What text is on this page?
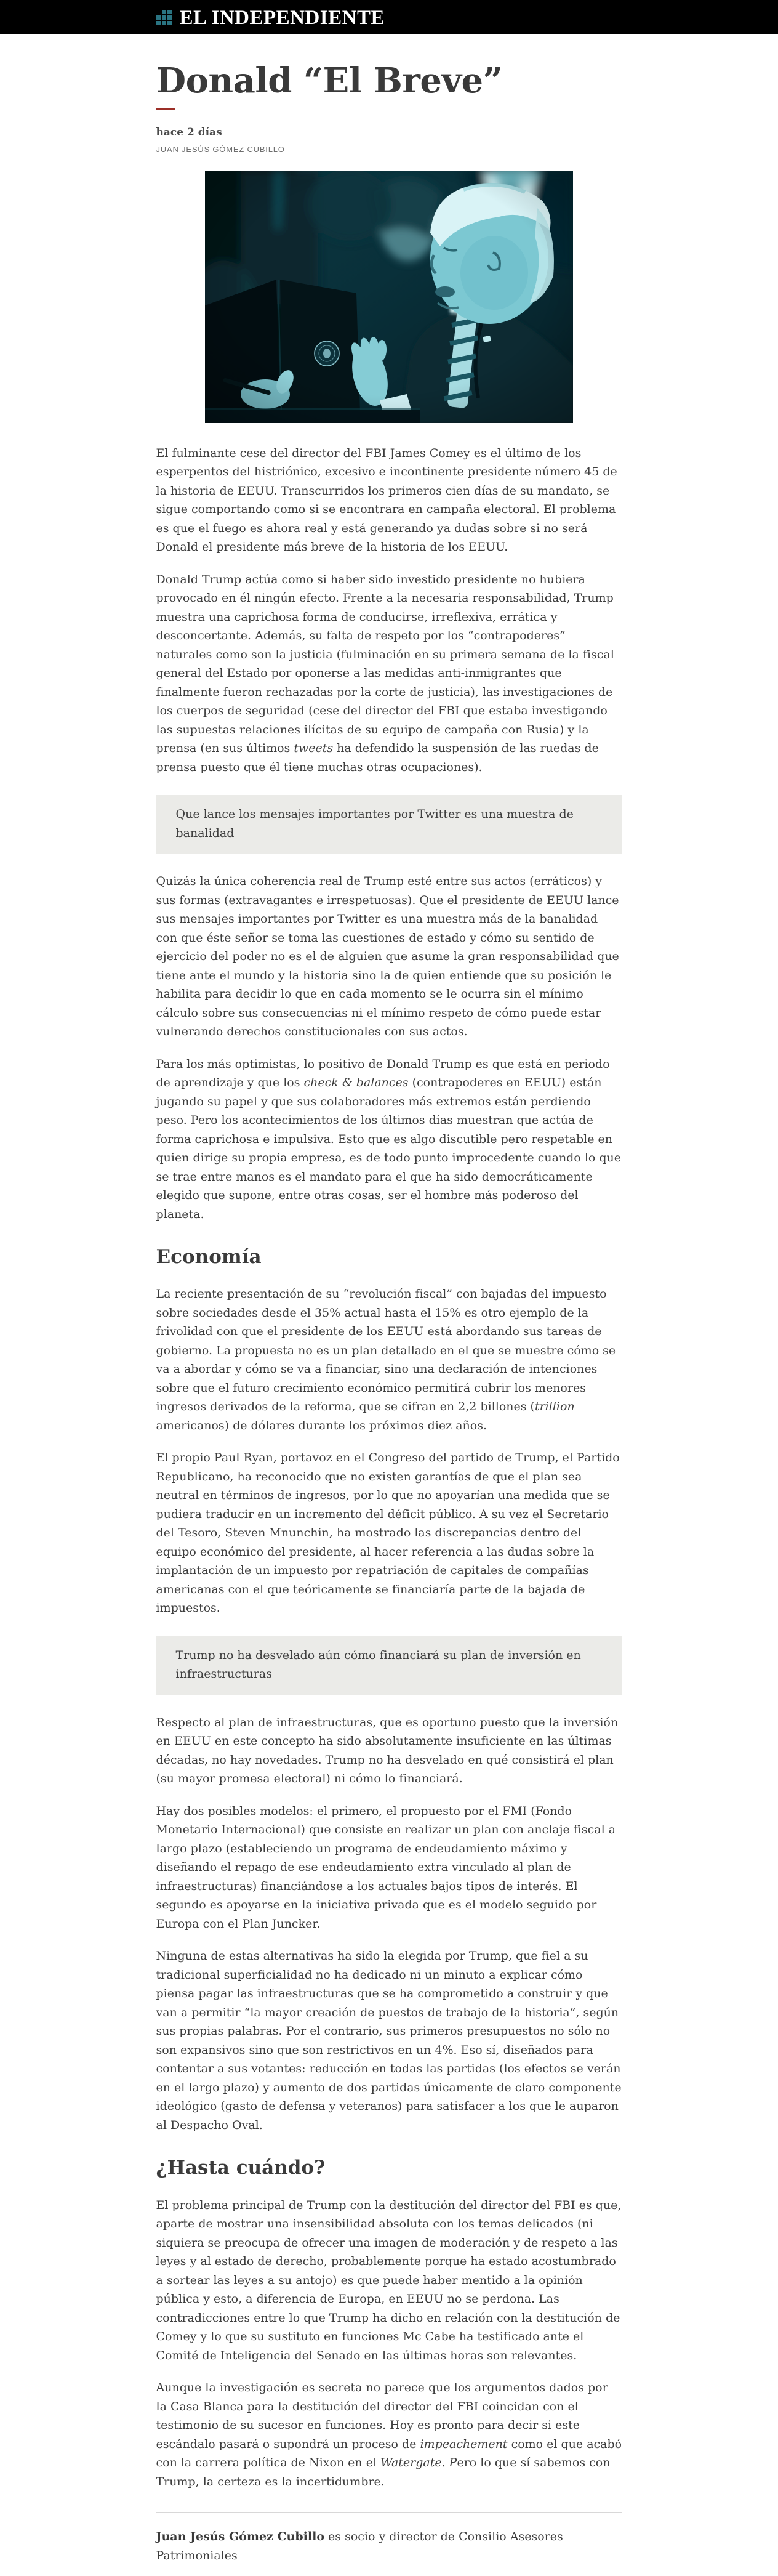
EL INDEPENDIENTE
Donald “El Breve”
hace 2 días
JUAN JESÚS GÓMEZ CUBILLO

El fulminante cese del director del FBI James Comey es el último de los esperpentos del histriónico, excesivo e incontinente presidente número 45 de la historia de EEUU. Transcurridos los primeros cien días de su mandato, se sigue comportando como si se encontrara en campaña electoral. El problema es que el fuego es ahora real y está generando ya dudas sobre si no será Donald el presidente más breve de la historia de los EEUU.

Donald Trump actúa como si haber sido investido presidente no hubiera provocado en él ningún efecto. Frente a la necesaria responsabilidad, Trump muestra una caprichosa forma de conducirse, irreflexiva, errática y desconcertante. Además, su falta de respeto por los “contrapoderes” naturales como son la justicia (fulminación en su primera semana de la fiscal general del Estado por oponerse a las medidas anti-inmigrantes que finalmente fueron rechazadas por la corte de justicia), las investigaciones de los cuerpos de seguridad (cese del director del FBI que estaba investigando las supuestas relaciones ilícitas de su equipo de campaña con Rusia) y la prensa (en sus últimos tweets ha defendido la suspensión de las ruedas de prensa puesto que él tiene muchas otras ocupaciones).

Que lance los mensajes importantes por Twitter es una muestra de banalidad

Quizás la única coherencia real de Trump esté entre sus actos (erráticos) y sus formas (extravagantes e irrespetuosas). Que el presidente de EEUU lance sus mensajes importantes por Twitter es una muestra más de la banalidad con que éste señor se toma las cuestiones de estado y cómo su sentido de ejercicio del poder no es el de alguien que asume la gran responsabilidad que tiene ante el mundo y la historia sino la de quien entiende que su posición le habilita para decidir lo que en cada momento se le ocurra sin el mínimo cálculo sobre sus consecuencias ni el mínimo respeto de cómo puede estar vulnerando derechos constitucionales con sus actos.

Para los más optimistas, lo positivo de Donald Trump es que está en periodo de aprendizaje y que los check & balances (contrapoderes en EEUU) están jugando su papel y que sus colaboradores más extremos están perdiendo peso. Pero los acontecimientos de los últimos días muestran que actúa de forma caprichosa e impulsiva. Esto que es algo discutible pero respetable en quien dirige su propia empresa, es de todo punto improcedente cuando lo que se trae entre manos es el mandato para el que ha sido democráticamente elegido que supone, entre otras cosas, ser el hombre más poderoso del planeta.

Economía

La reciente presentación de su “revolución fiscal” con bajadas del impuesto sobre sociedades desde el 35% actual hasta el 15% es otro ejemplo de la frivolidad con que el presidente de los EEUU está abordando sus tareas de gobierno. La propuesta no es un plan detallado en el que se muestre cómo se va a abordar y cómo se va a financiar, sino una declaración de intenciones sobre que el futuro crecimiento económico permitirá cubrir los menores ingresos derivados de la reforma, que se cifran en 2,2 billones (trillion americanos) de dólares durante los próximos diez años.

El propio Paul Ryan, portavoz en el Congreso del partido de Trump, el Partido Republicano, ha reconocido que no existen garantías de que el plan sea neutral en términos de ingresos, por lo que no apoyarían una medida que se pudiera traducir en un incremento del déficit público. A su vez el Secretario del Tesoro, Steven Mnunchin, ha mostrado las discrepancias dentro del equipo económico del presidente, al hacer referencia a las dudas sobre la implantación de un impuesto por repatriación de capitales de compañías americanas con el que teóricamente se financiaría parte de la bajada de impuestos.

Trump no ha desvelado aún cómo financiará su plan de inversión en infraestructuras

Respecto al plan de infraestructuras, que es oportuno puesto que la inversión en EEUU en este concepto ha sido absolutamente insuficiente en las últimas décadas, no hay novedades. Trump no ha desvelado en qué consistirá el plan (su mayor promesa electoral) ni cómo lo financiará.

Hay dos posibles modelos: el primero, el propuesto por el FMI (Fondo Monetario Internacional) que consiste en realizar un plan con anclaje fiscal a largo plazo (estableciendo un programa de endeudamiento máximo y diseñando el repago de ese endeudamiento extra vinculado al plan de infraestructuras) financiándose a los actuales bajos tipos de interés. El segundo es apoyarse en la iniciativa privada que es el modelo seguido por Europa con el Plan Juncker.

Ninguna de estas alternativas ha sido la elegida por Trump, que fiel a su tradicional superficialidad no ha dedicado ni un minuto a explicar cómo piensa pagar las infraestructuras que se ha comprometido a construir y que van a permitir “la mayor creación de puestos de trabajo de la historia”, según sus propias palabras. Por el contrario, sus primeros presupuestos no sólo no son expansivos sino que son restrictivos en un 4%. Eso sí, diseñados para contentar a sus votantes: reducción en todas las partidas (los efectos se verán en el largo plazo) y aumento de dos partidas únicamente de claro componente ideológico (gasto de defensa y veteranos) para satisfacer a los que le auparon al Despacho Oval.

¿Hasta cuándo?

El problema principal de Trump con la destitución del director del FBI es que, aparte de mostrar una insensibilidad absoluta con los temas delicados (ni siquiera se preocupa de ofrecer una imagen de moderación y de respeto a las leyes y al estado de derecho, probablemente porque ha estado acostumbrado a sortear las leyes a su antojo) es que puede haber mentido a la opinión pública y esto, a diferencia de Europa, en EEUU no se perdona. Las contradicciones entre lo que Trump ha dicho en relación con la destitución de Comey y lo que su sustituto en funciones Mc Cabe ha testificado ante el Comité de Inteligencia del Senado en las últimas horas son relevantes.

Aunque la investigación es secreta no parece que los argumentos dados por la Casa Blanca para la destitución del director del FBI coincidan con el testimonio de su sucesor en funciones. Hoy es pronto para decir si este escándalo pasará o supondrá un proceso de impeachement como el que acabó con la carrera política de Nixon en el Watergate. Pero lo que sí sabemos con Trump, la certeza es la incertidumbre.

Juan Jesús Gómez Cubillo es socio y director de Consilio Asesores Patrimoniales
